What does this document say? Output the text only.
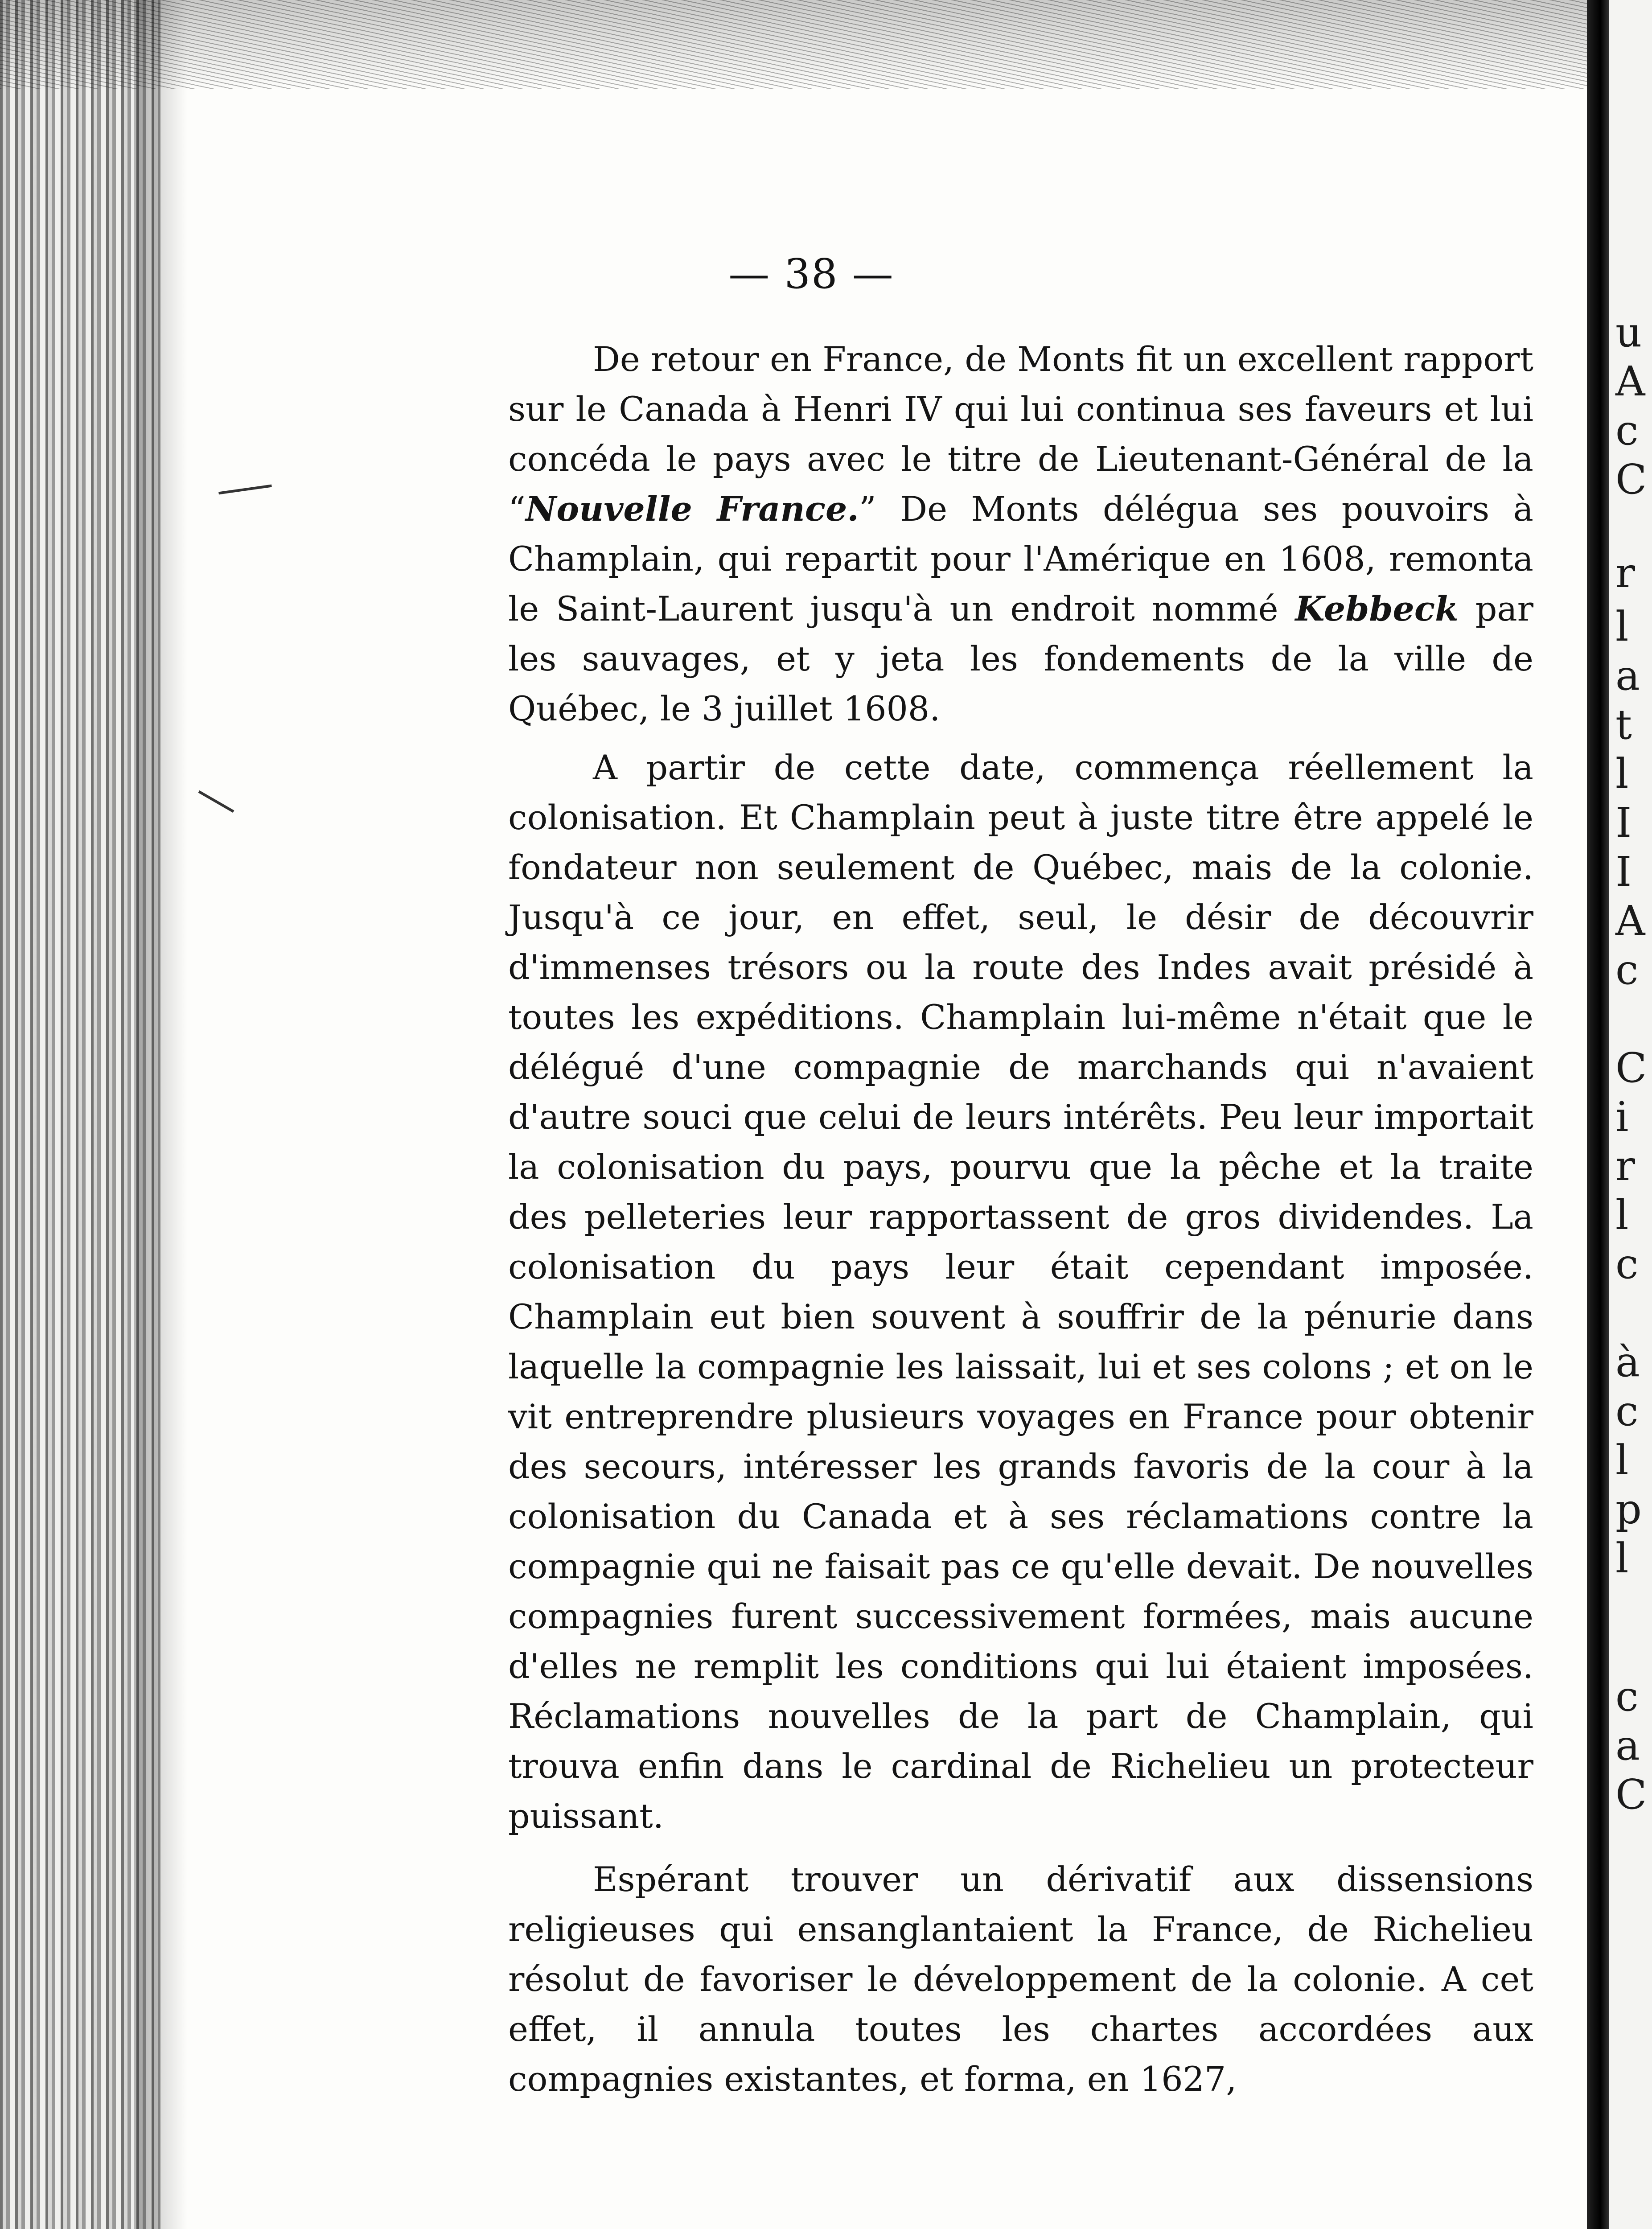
u
A
c
C
r
l
a
t
l
I
I
A
c
C
i
r
l
c
à
c
l
p
l
c
a
C
— 38 —

De retour en France, de Monts fit un excellent rapport sur le Canada à Henri IV qui lui continua ses faveurs et lui concéda le pays avec le titre de Lieutenant-Général de la “Nouvelle France.” De Monts délégua ses pouvoirs à Champlain, qui repartit pour l'Amérique en 1608, remonta le Saint-Laurent jusqu'à un endroit nommé Kebbeck par les sauvages, et y jeta les fondements de la ville de Québec, le 3 juillet 1608.

A partir de cette date, commença réellement la colonisation. Et Champlain peut à juste titre être appelé le fondateur non seulement de Québec, mais de la colonie. Jusqu'à ce jour, en effet, seul, le désir de découvrir d'immenses trésors ou la route des Indes avait présidé à toutes les expéditions. Champlain lui-même n'était que le délégué d'une compagnie de marchands qui n'avaient d'autre souci que celui de leurs intérêts. Peu leur importait la colonisation du pays, pourvu que la pêche et la traite des pelleteries leur rapportassent de gros dividendes. La colonisation du pays leur était cependant imposée. Champlain eut bien souvent à souffrir de la pénurie dans laquelle la compagnie les laissait, lui et ses colons ; et on le vit entreprendre plusieurs voyages en France pour obtenir des secours, intéresser les grands favoris de la cour à la colonisation du Canada et à ses réclamations contre la compagnie qui ne faisait pas ce qu'elle devait. De nouvelles compagnies furent successivement formées, mais aucune d'elles ne remplit les conditions qui lui étaient imposées. Réclamations nouvelles de la part de Champlain, qui trouva enfin dans le cardinal de Richelieu un protecteur puissant.

Espérant trouver un dérivatif aux dissensions religieuses qui ensanglantaient la France, de Richelieu résolut de favoriser le développement de la colonie. A cet effet, il annula toutes les chartes accordées aux compagnies existantes, et forma, en 1627,
